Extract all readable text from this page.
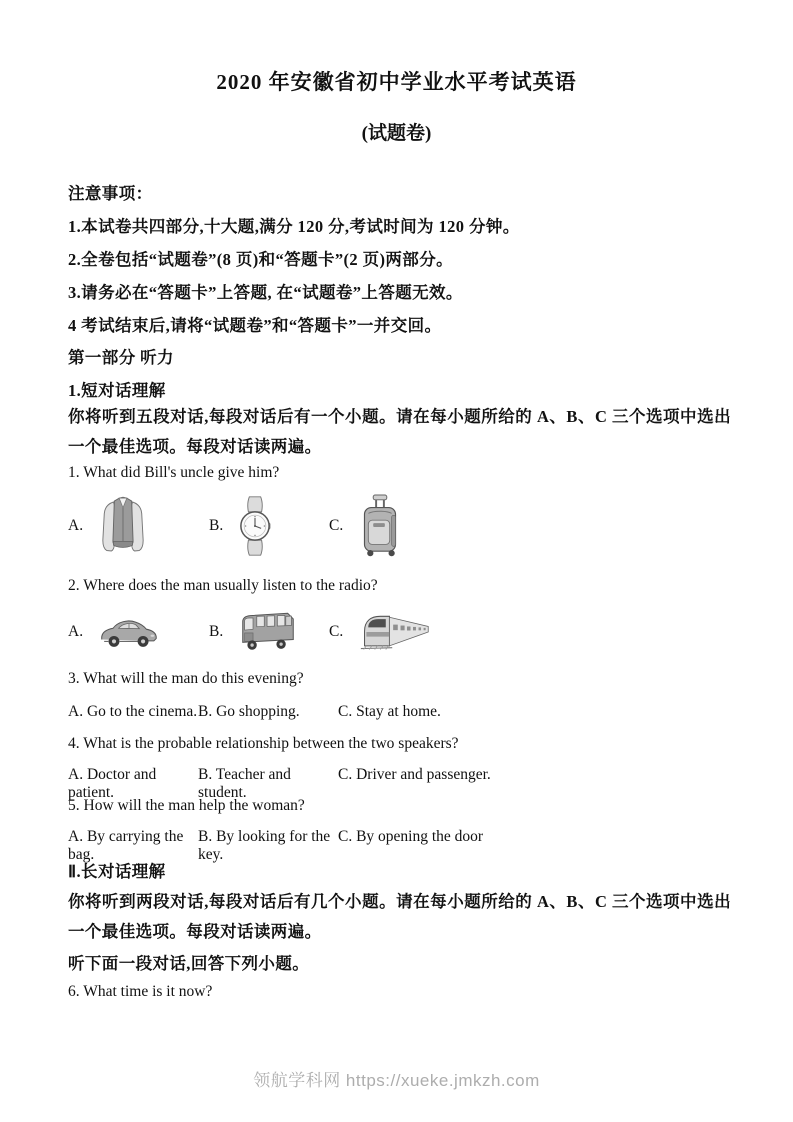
2020 年安徽省初中学业水平考试英语
(试题卷)
注意事项：
1.本试卷共四部分,十大题,满分 120 分,考试时间为 120 分钟。
2.全卷包括“试题卷”(8 页)和“答题卡”(2 页)两部分。
3.请务必在“答题卡”上答题, 在“试题卷”上答题无效。
4 考试结束后,请将“试题卷”和“答题卡”一并交回。
第一部分 听力
1.短对话理解
你将听到五段对话,每段对话后有一个小题。请在每小题所给的 A、B、C 三个选项中选出一个最佳选项。每段对话读两遍。
1. What did Bill's uncle give him?
A.	B.	C.
2. Where does the man usually listen to the radio?
A.	B.	C.
3. What will the man do this evening?
A. Go to the cinema. B. Go shopping.	C. Stay at home.
4. What is the probable relationship between the two speakers?
A. Doctor and patient.
B. Teacher and student.
C. Driver and passenger.
5. How will the man help the woman?
A. By carrying the bag.
B. By looking for the key.
C. By opening the door
Ⅱ.长对话理解
你将听到两段对话,每段对话后有几个小题。请在每小题所给的 A、B、C 三个选项中选出一个最佳选项。每段对话读两遍。
听下面一段对话,回答下列小题。
6. What time is it now?
领航学科网 https://xueke.jmkzh.com
